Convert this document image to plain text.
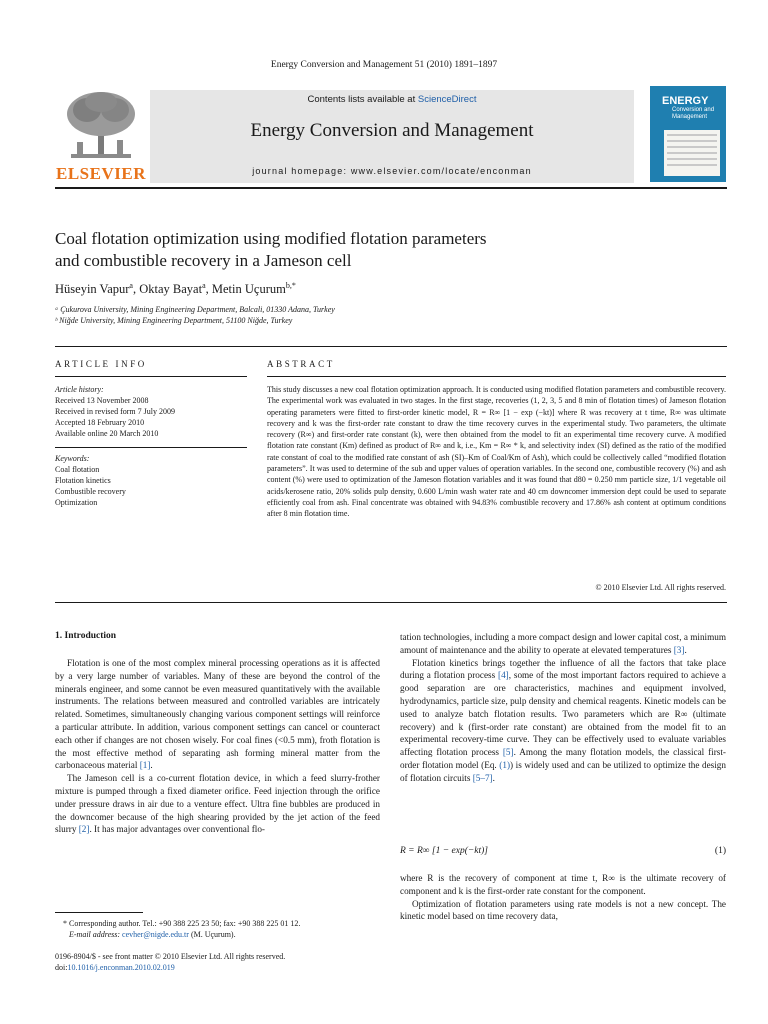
Energy Conversion and Management 51 (2010) 1891–1897
ELSEVIER
Contents lists available at ScienceDirect
Energy Conversion and Management
journal homepage: www.elsevier.com/locate/enconman
ENERGY
Conversion and Management
Coal flotation optimization using modified flotation parameters
and combustible recovery in a Jameson cell
Hüseyin Vapur$^a$, Oktay Bayat$^a$, Metin Uçurum$^{b,*}$
ᵃ Çukurova University, Mining Engineering Department, Balcali, 01330 Adana, Turkey
ᵇ Niğde University, Mining Engineering Department, 51100 Niğde, Turkey
ARTICLE INFO
Article history:
Received 13 November 2008
Received in revised form 7 July 2009
Accepted 18 February 2010
Available online 20 March 2010
Keywords:
Coal flotation
Flotation kinetics
Combustible recovery
Optimization
ABSTRACT
This study discusses a new coal flotation optimization approach. It is conducted using modified flotation parameters and combustible recovery. The experimental work was evaluated in two stages. In the first stage, recoveries (1, 2, 3, 5 and 8 min of flotation times) of Jameson flotation operating parameters were fitted to first-order kinetic model, R = R∞ [1 − exp (−kt)] where R was recovery at t time, R∞ was ultimate recovery and k was the first-order rate constant to draw the time recovery curves in the experimental study. Two parameters, the ultimate recovery (R∞) and first-order rate constant (k), were then obtained from the model to fit an experimental time recovery curve. A modified flotation rate constant (Km) defined as product of R∞ and k, i.e., Km = R∞ * k, and selectivity index (SI) defined as the ratio of the modified rate constant of coal to the modified rate constant of ash (SI)–Km of Coal/Km of Ash), which could be collectively called “modified flotation parameters”. It was used to determine of the sub and upper values of operation variables. In the second one, combustible recovery (%) and ash content (%) were used to optimization of the Jameson flotation variables and it was found that d80 = 0.250 mm particle size, 1/1 vegetable oil acids/kerosene ratio, 20% solids pulp density, 0.600 L/min wash water rate and 40 cm downcomer immersion dept could be used to separate efficiently coal from ash. Final concentrate was obtained with 94.83% combustible recovery and 17.86% ash content at optimum conditions after 8 min flotation time.
© 2010 Elsevier Ltd. All rights reserved.
1. Introduction

Flotation is one of the most complex mineral processing operations as it is affected by a very large number of variables. Many of these are beyond the control of the minerals engineer, and some cannot be even measured quantitatively with the available instruments. The relations between measured and controlled variables are intricately related. Sometimes, simultaneously changing various component settings will reinforce a particular attribute. In addition, various component settings can cancel or counteract each other if changes are not chosen wisely. For coal fines (<0.5 mm), froth flotation is the most effective method of separating ash forming mineral matter from the carbonaceous material [1].

The Jameson cell is a co-current flotation device, in which a feed slurry-frother mixture is pumped through a fixed diameter orifice. Feed injection through the orifice under pressure draws in air due to a venture effect. Ultra fine bubbles are produced in the downcomer because of the high shearing provided by the jet action of the feed slurry [2]. It has major advantages over conventional flo-

tation technologies, including a more compact design and lower capital cost, a minimum amount of maintenance and the ability to operate at elevated temperatures [3].

Flotation kinetics brings together the influence of all the factors that take place during a flotation process [4], some of the most important factors required to achieve a good separation are ore characteristics, machines and equipment involved, hydrodynamics, particle size, pulp density and chemical reagents. Kinetic models can be used to analyze batch flotation results. Two parameters which are R∞ (ultimate recovery) and k (first-order rate constant) are obtained from the model fit to an experimental recovery-time curve. They can be effectively used to evaluate variables affecting flotation process [5]. Among the many flotation models, the classical first-order flotation model (Eq. (1)) is widely used and can be utilized to optimize the design of flotation circuits [5–7].

R = R∞ [1 − exp(−kt)]	(1)

where R is the recovery of component at time t, R∞ is the ultimate recovery of component and k is the first-order rate constant for the component.

Optimization of flotation parameters using rate models is not a new concept. The kinetic model based on time recovery data,

* Corresponding author. Tel.: +90 388 225 23 50; fax: +90 388 225 01 12.
E-mail address: cevher@nigde.edu.tr (M. Uçurum).
0196-8904/$ - see front matter © 2010 Elsevier Ltd. All rights reserved.
doi:10.1016/j.enconman.2010.02.019
